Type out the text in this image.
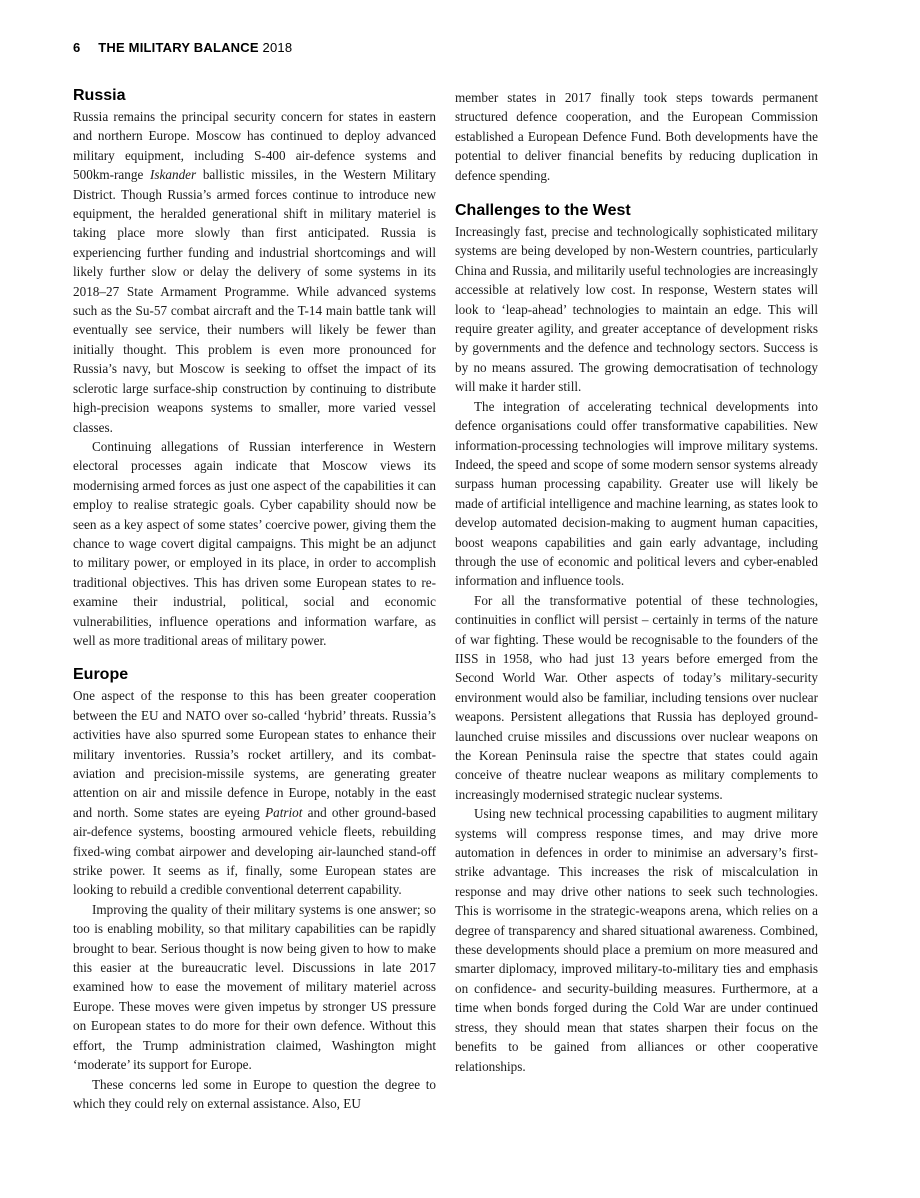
6 THE MILITARY BALANCE 2018
Russia

Russia remains the principal security concern for states in eastern and northern Europe. Moscow has continued to deploy advanced military equipment, including S-400 air-defence systems and 500km-range Iskander ballistic missiles, in the Western Military District. Though Russia’s armed forces continue to introduce new equipment, the heralded generational shift in military materiel is taking place more slowly than first anticipated. Russia is experiencing further funding and industrial shortcomings and will likely further slow or delay the delivery of some systems in its 2018–27 State Armament Programme. While advanced systems such as the Su-57 combat aircraft and the T-14 main battle tank will eventually see service, their numbers will likely be fewer than initially thought. This problem is even more pronounced for Russia’s navy, but Moscow is seeking to offset the impact of its sclerotic large surface-ship construction by continuing to distribute high-precision weapons systems to smaller, more varied vessel classes.

Continuing allegations of Russian interference in Western electoral processes again indicate that Moscow views its modernising armed forces as just one aspect of the capabilities it can employ to realise strategic goals. Cyber capability should now be seen as a key aspect of some states’ coercive power, giving them the chance to wage covert digital campaigns. This might be an adjunct to military power, or employed in its place, in order to accomplish traditional objectives. This has driven some European states to re-examine their industrial, political, social and economic vulnerabilities, influence operations and information warfare, as well as more traditional areas of military power.

Europe

One aspect of the response to this has been greater cooperation between the EU and NATO over so-called ‘hybrid’ threats. Russia’s activities have also spurred some European states to enhance their military inventories. Russia’s rocket artillery, and its combat-aviation and precision-missile systems, are generating greater attention on air and missile defence in Europe, notably in the east and north. Some states are eyeing Patriot and other ground-based air-defence systems, boosting armoured vehicle fleets, rebuilding fixed-wing combat airpower and developing air-launched stand-off strike power. It seems as if, finally, some European states are looking to rebuild a credible conventional deterrent capability.

Improving the quality of their military systems is one answer; so too is enabling mobility, so that military capabilities can be rapidly brought to bear. Serious thought is now being given to how to make this easier at the bureaucratic level. Discussions in late 2017 examined how to ease the movement of military materiel across Europe. These moves were given impetus by stronger US pressure on European states to do more for their own defence. Without this effort, the Trump administration claimed, Washington might ‘moderate’ its support for Europe.

These concerns led some in Europe to question the degree to which they could rely on external assistance. Also, EU

member states in 2017 finally took steps towards permanent structured defence cooperation, and the European Commission established a European Defence Fund. Both developments have the potential to deliver financial benefits by reducing duplication in defence spending.

Challenges to the West

Increasingly fast, precise and technologically sophisticated military systems are being developed by non-Western countries, particularly China and Russia, and militarily useful technologies are increasingly accessible at relatively low cost. In response, Western states will look to ‘leap-ahead’ technologies to maintain an edge. This will require greater agility, and greater acceptance of development risks by governments and the defence and technology sectors. Success is by no means assured. The growing democratisation of technology will make it harder still.

The integration of accelerating technical developments into defence organisations could offer transformative capabilities. New information-processing technologies will improve military systems. Indeed, the speed and scope of some modern sensor systems already surpass human processing capability. Greater use will likely be made of artificial intelligence and machine learning, as states look to develop automated decision-making to augment human capacities, boost weapons capabilities and gain early advantage, including through the use of economic and political levers and cyber-enabled information and influence tools.

For all the transformative potential of these technologies, continuities in conflict will persist – certainly in terms of the nature of war fighting. These would be recognisable to the founders of the IISS in 1958, who had just 13 years before emerged from the Second World War. Other aspects of today’s military-security environment would also be familiar, including tensions over nuclear weapons. Persistent allegations that Russia has deployed ground-launched cruise missiles and discussions over nuclear weapons on the Korean Peninsula raise the spectre that states could again conceive of theatre nuclear weapons as military complements to increasingly modernised strategic nuclear systems.

Using new technical processing capabilities to augment military systems will compress response times, and may drive more automation in defences in order to minimise an adversary’s first-strike advantage. This increases the risk of miscalculation in response and may drive other nations to seek such technologies. This is worrisome in the strategic-weapons arena, which relies on a degree of transparency and shared situational awareness. Combined, these developments should place a premium on more measured and smarter diplomacy, improved military-to-military ties and emphasis on confidence- and security-building measures. Furthermore, at a time when bonds forged during the Cold War are under continued stress, they should mean that states sharpen their focus on the benefits to be gained from alliances or other cooperative relationships.
